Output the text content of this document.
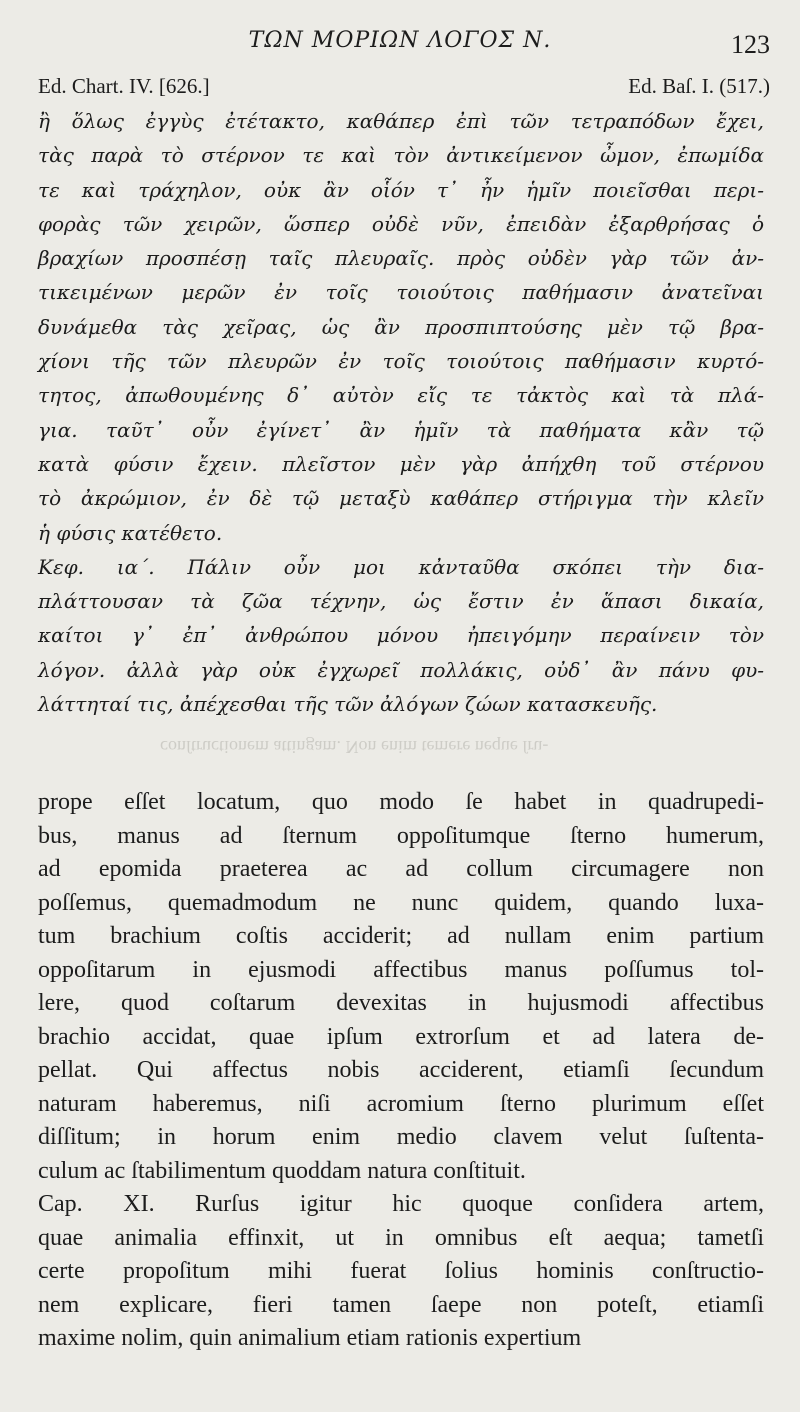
ΤΩΝ ΜΟΡΙΩΝ ΛΟΓΟΣ Ν.	123
Ed. Chart. IV. [626.]	Ed. Baſ. I. (517.)
ἢ ὅλως ἐγγὺς ἐτέτακτο, καθάπερ ἐπὶ τῶν τετραπόδων ἔχει,
τὰς παρὰ τὸ στέρνον τε καὶ τὸν ἀντικείμενον ὦμον, ἐπωμίδα
τε καὶ τράχηλον, οὐκ ἂν οἷόν τ᾽ ἦν ἡμῖν ποιεῖσθαι περι-
φορὰς τῶν χειρῶν, ὥσπερ οὐδὲ νῦν, ἐπειδὰν ἐξαρθρήσας ὁ
βραχίων προσπέσῃ ταῖς πλευραῖς. πρὸς οὐδὲν γὰρ τῶν ἀν-
τικειμένων μερῶν ἐν τοῖς τοιούτοις παθήμασιν ἀνατεῖναι
δυνάμεθα τὰς χεῖρας, ὡς ἂν προσπιπτούσης μὲν τῷ βρα-
χίονι τῆς τῶν πλευρῶν ἐν τοῖς τοιούτοις παθήμασιν κυρτό-
τητος, ἀπωθουμένης δ᾽ αὐτὸν εἴς τε τἀκτὸς καὶ τὰ πλά-
για. ταῦτ᾽ οὖν ἐγίνετ᾽ ἂν ἡμῖν τὰ παθήματα κἂν τῷ
κατὰ φύσιν ἔχειν. πλεῖστον μὲν γὰρ ἀπήχθη τοῦ στέρνου
τὸ ἀκρώμιον, ἐν δὲ τῷ μεταξὺ καθάπερ στήριγμα τὴν κλεῖν
ἡ φύσις κατέθετο.
Κεφ. ια΄. Πάλιν οὖν μοι κἀνταῦθα σκόπει τὴν δια-
πλάττουσαν τὰ ζῶα τέχνην, ὡς ἔστιν ἐν ἅπασι δικαία,
καίτοι γ᾽ ἐπ᾽ ἀνθρώπου μόνου ἠπειγόμην περαίνειν τὸν
λόγον. ἀλλὰ γὰρ οὐκ ἐγχωρεῖ πολλάκις, οὐδ᾽ ἂν πάνυ φυ-
λάττηταί τις, ἀπέχεσθαι τῆς τῶν ἀλόγων ζώων κατασκευῆς.
conſtructionem attingam. Non enim temere neque ſru-
prope eſſet locatum, quo modo ſe habet in quadrupedi-
bus, manus ad ſternum oppoſitumque ſterno humerum,
ad epomida praeterea ac ad collum circumagere non
poſſemus, quemadmodum ne nunc quidem, quando luxa-
tum brachium coſtis acciderit; ad nullam enim partium
oppoſitarum in ejusmodi affectibus manus poſſumus tol-
lere, quod coſtarum devexitas in hujusmodi affectibus
brachio accidat, quae ipſum extrorſum et ad latera de-
pellat. Qui affectus nobis acciderent, etiamſi ſecundum
naturam haberemus, niſi acromium ſterno plurimum eſſet
diſſitum; in horum enim medio clavem velut ſuſtenta-
culum ac ſtabilimentum quoddam natura conſtituit.
Cap. XI. Rurſus igitur hic quoque conſidera artem,
quae animalia effinxit, ut in omnibus eſt aequa; tametſi
certe propoſitum mihi fuerat ſolius hominis conſtructio-
nem explicare, fieri tamen ſaepe non poteſt, etiamſi
maxime nolim, quin animalium etiam rationis expertium
